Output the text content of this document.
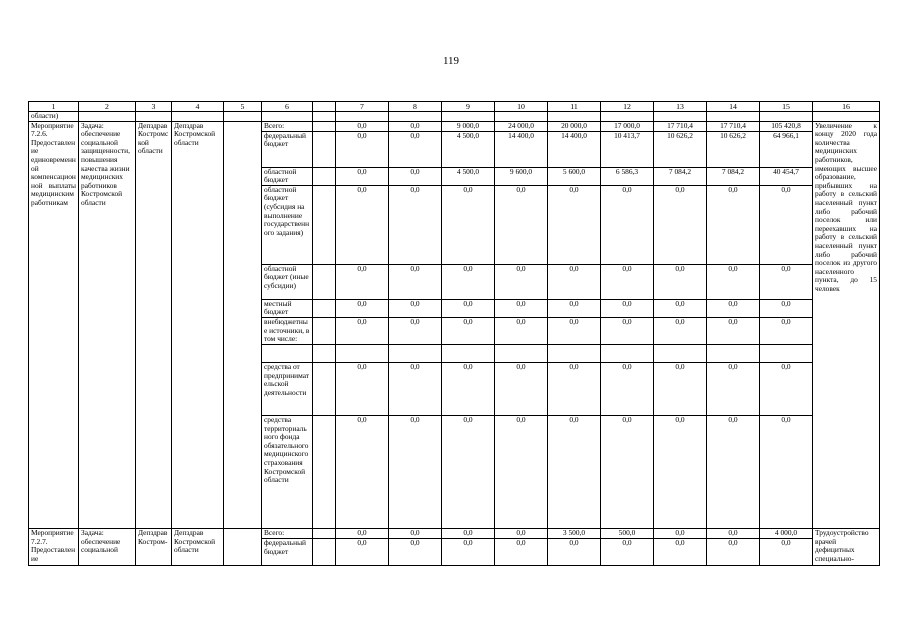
119
1	2	3	4	5	6		7	8	9	10	11	12	13	14	15	16
области)																
Мероприятие 7.2.6. Предоставление единовременной компенсационной выплаты медицинским работникам	Задача: обеспечение социальной защищенности, повышения качества жизни медицинских работников Костромской области	Депздрав Костромской области	Депздрав Костромской области		Всего:		0,0	0,0	9 000,0	24 000,0	20 000,0	17 000,0	17 710,4	17 710,4	105 420,8	Увеличение к концу 2020 года количества медицинских работников, имеющих высшее образование, прибывших на работу в сельский населенный пункт либо рабочий поселок или переехавших на работу в сельский населенный пункт либо рабочий поселок из другого населенного пункта, до 15 человек
					федеральный бюджет		0,0	0,0	4 500,0	14 400,0	14 400,0	10 413,7	10 626,2	10 626,2	64 966,1	
					областной бюджет		0,0	0,0	4 500,0	9 600,0	5 600,0	6 586,3	7 084,2	7 084,2	40 454,7	
					областной бюджет (субсидия на выполнение государственного задания)		0,0	0,0	0,0	0,0	0,0	0,0	0,0	0,0	0,0	
					областной бюджет (иные субсидии)		0,0	0,0	0,0	0,0	0,0	0,0	0,0	0,0	0,0	
					местный бюджет		0,0	0,0	0,0	0,0	0,0	0,0	0,0	0,0	0,0	
					внебюджетные источники, в том числе:		0,0	0,0	0,0	0,0	0,0	0,0	0,0	0,0	0,0	

					средства от предпринимательской деятельности		0,0	0,0	0,0	0,0	0,0	0,0	0,0	0,0	0,0	
					средства территориального фонда обязательного медицинского страхования Костромской области		0,0	0,0	0,0	0,0	0,0	0,0	0,0	0,0	0,0	
Мероприятие 7.2.7. Предоставление	Задача: обеспечение социальной	Депздрав Костром-	Депздрав Костромской области		Всего:		0,0	0,0	0,0	0,0	3 500,0	500,0	0,0	0,0	4 000,0	Трудоустройство врачей дефицитных специально-
					федеральный бюджет		0,0	0,0	0,0	0,0	0,0	0,0	0,0	0,0	0,0	
